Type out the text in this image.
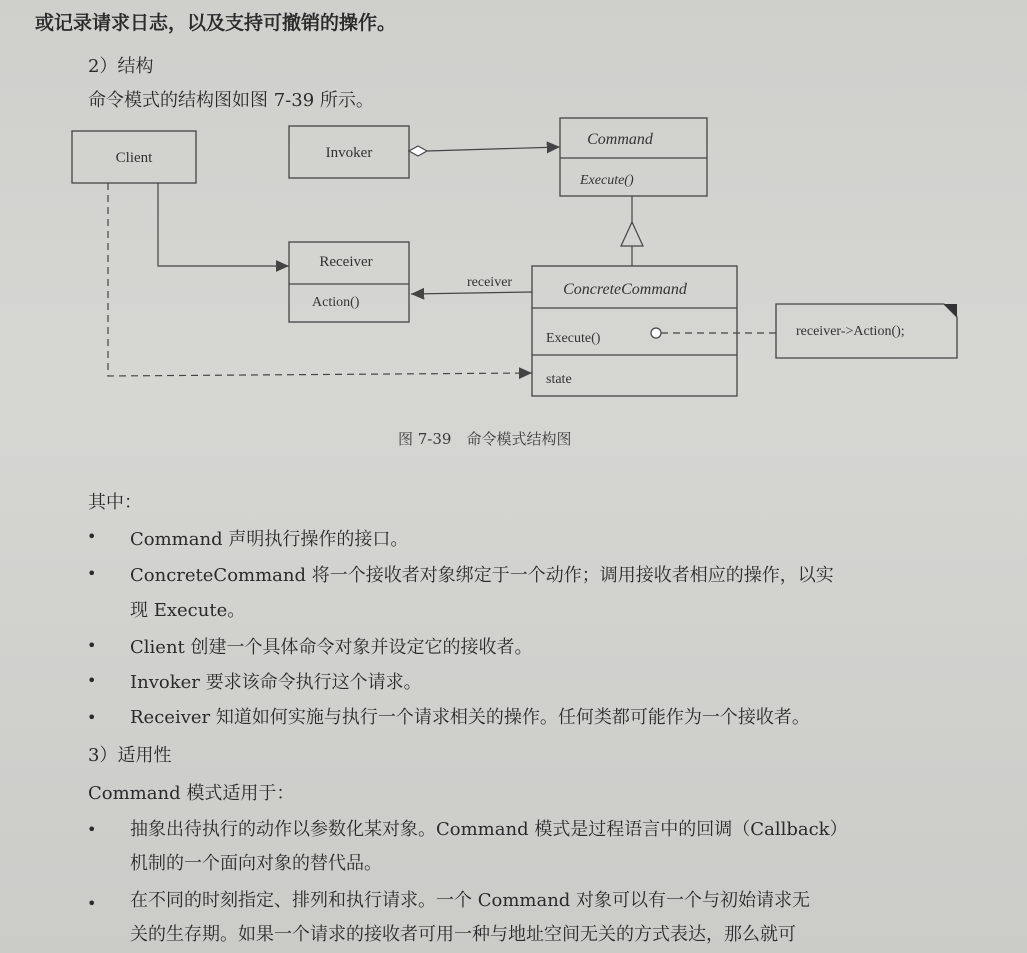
或记录请求日志，以及支持可撤销的操作。
2）结构
命令模式的结构图如图 7-39 所示。
Client	Invoker
Command
Execute()
Receiver
Action()
ConcreteCommand
Execute()
state
receiver->Action();
receiver
图 7-39　命令模式结构图
其中：
• Command 声明执行操作的接口。
• ConcreteCommand 将一个接收者对象绑定于一个动作；调用接收者相应的操作，以实
现 Execute。
• Client 创建一个具体命令对象并设定它的接收者。
• Invoker 要求该命令执行这个请求。
• Receiver 知道如何实施与执行一个请求相关的操作。任何类都可能作为一个接收者。
3）适用性
Command 模式适用于：
• 抽象出待执行的动作以参数化某对象。Command 模式是过程语言中的回调（Callback）
机制的一个面向对象的替代品。
• 在不同的时刻指定、排列和执行请求。一个 Command 对象可以有一个与初始请求无
关的生存期。如果一个请求的接收者可用一种与地址空间无关的方式表达，那么就可
